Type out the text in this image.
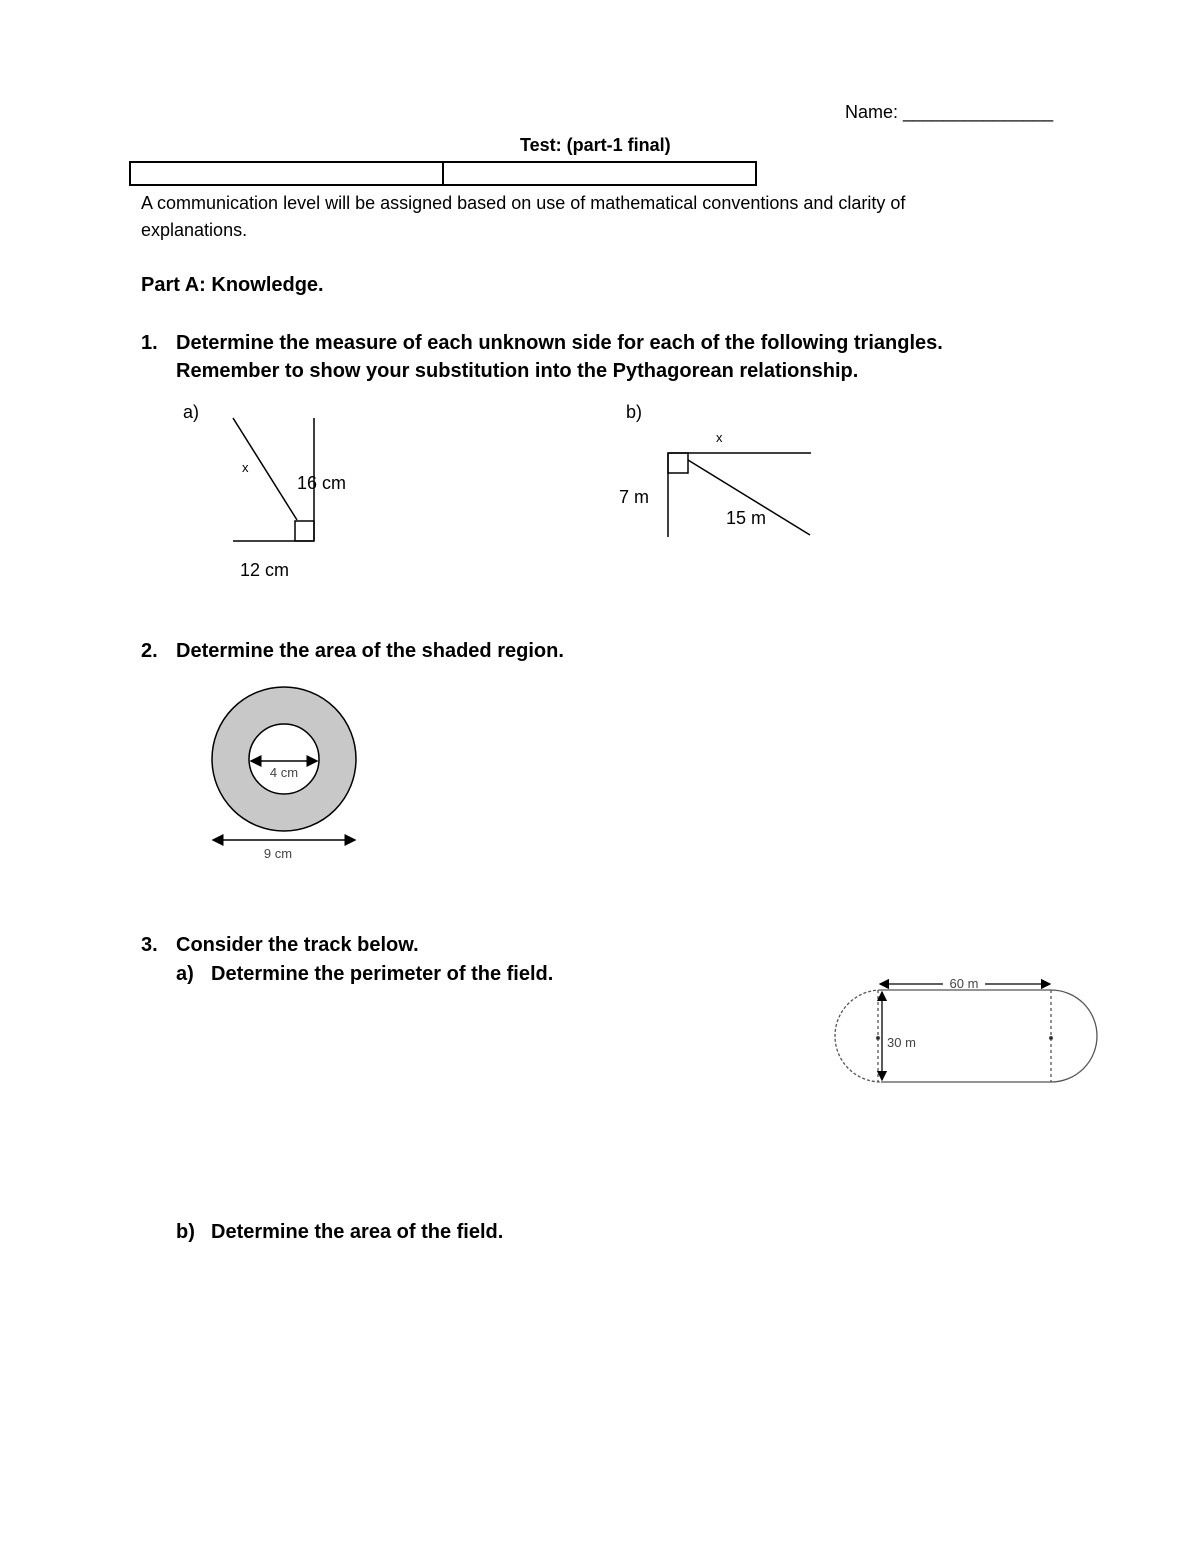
Name: _______________
Test: (part-1 final)
A communication level will be assigned based on use of mathematical conventions and clarity of
explanations.
Part A: Knowledge.
1. Determine the measure of each unknown side for each of the following triangles.
Remember to show your substitution into the Pythagorean relationship.
a)	b)
x
16 cm
12 cm
x
7 m
15 m
2. Determine the area of the shaded region.
3. Consider the track below.
a) Determine the perimeter of the field.
b) Determine the area of the field.
4 cm
9 cm
60 m
30 m
